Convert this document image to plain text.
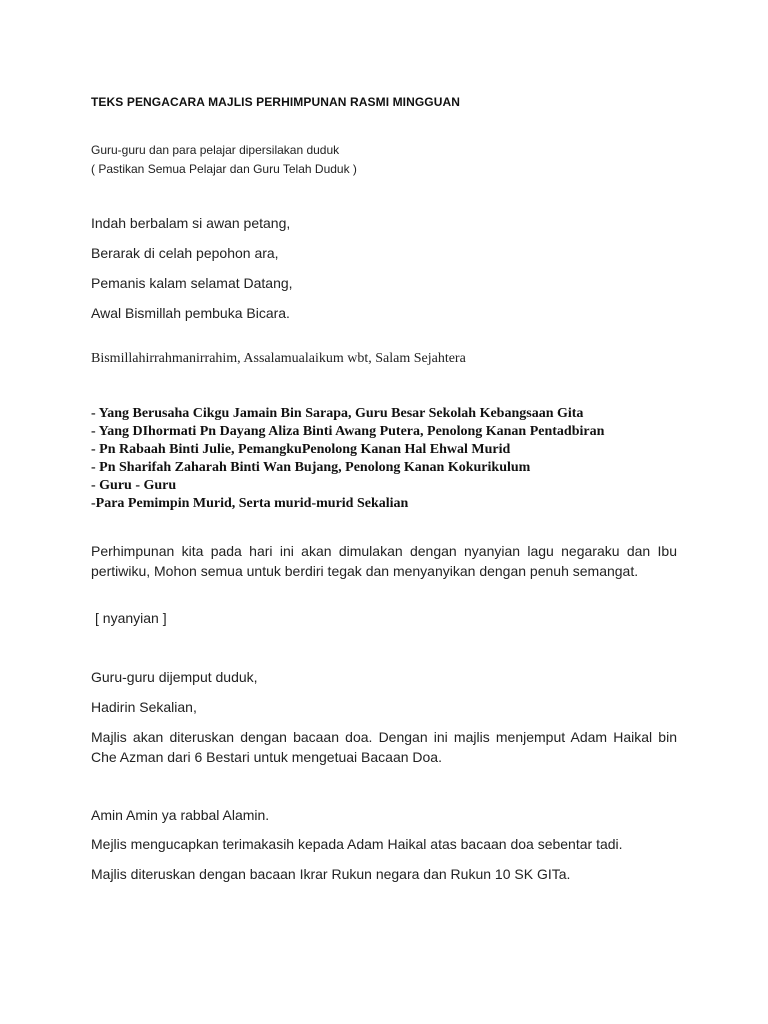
TEKS PENGACARA MAJLIS PERHIMPUNAN RASMI MINGGUAN
Guru-guru dan para pelajar dipersilakan duduk
( Pastikan Semua Pelajar dan Guru Telah Duduk )
Indah berbalam si awan petang,
Berarak di celah pepohon ara,
Pemanis kalam selamat Datang,
Awal Bismillah pembuka Bicara.
Bismillahirrahmanirrahim, Assalamualaikum wbt, Salam Sejahtera
- Yang Berusaha Cikgu Jamain Bin Sarapa, Guru Besar Sekolah Kebangsaan Gita
- Yang DIhormati Pn Dayang Aliza Binti Awang Putera, Penolong Kanan Pentadbiran
- Pn Rabaah Binti Julie, PemangkuPenolong Kanan Hal Ehwal Murid
- Pn Sharifah Zaharah Binti Wan Bujang, Penolong Kanan Kokurikulum
- Guru - Guru
-Para Pemimpin Murid, Serta murid-murid Sekalian
Perhimpunan kita pada hari ini akan dimulakan dengan nyanyian lagu negaraku dan Ibu pertiwiku, Mohon semua untuk berdiri tegak dan menyanyikan dengan penuh semangat.
[ nyanyian ]
Guru-guru dijemput duduk,
Hadirin Sekalian,
Majlis akan diteruskan dengan bacaan doa. Dengan ini majlis menjemput Adam Haikal bin Che Azman dari 6 Bestari untuk mengetuai Bacaan Doa.
Amin Amin ya rabbal Alamin.
Mejlis mengucapkan terimakasih kepada Adam Haikal atas bacaan doa sebentar tadi.
Majlis diteruskan dengan bacaan Ikrar Rukun negara dan Rukun 10 SK GITa.
